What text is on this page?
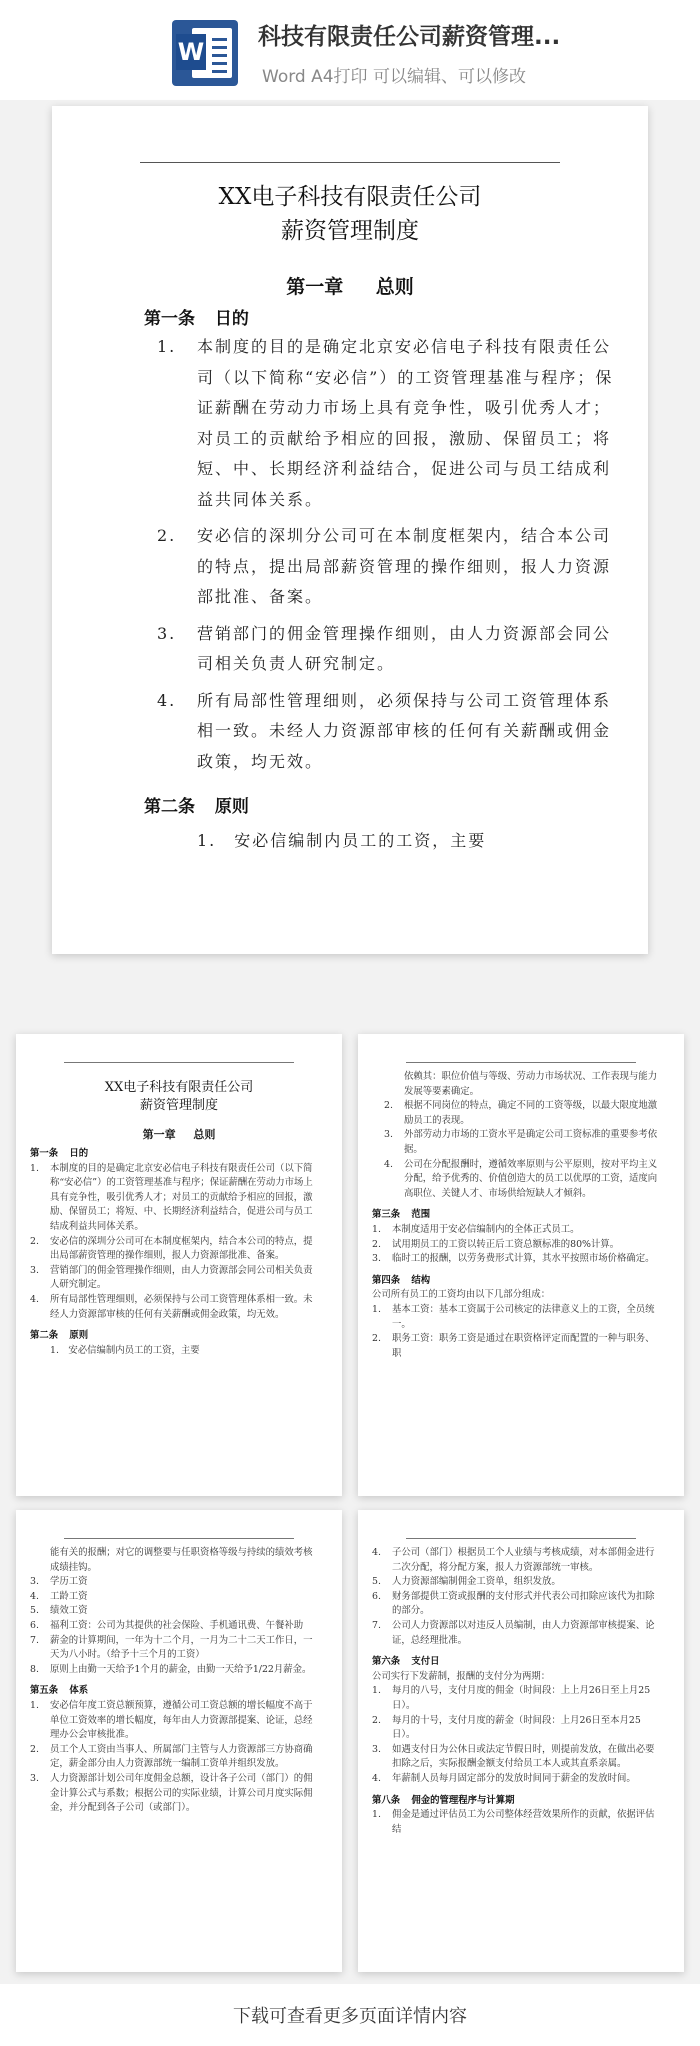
W
科技有限责任公司薪资管理...
Word A4打印 可以编辑、可以修改
XX电子科技有限责任公司
薪资管理制度
第一章 总则
第一条 日的
1. 本制度的目的是确定北京安必信电子科技有限责任公司（以下简称“安必信”）的工资管理基准与程序；保证薪酬在劳动力市场上具有竞争性，吸引优秀人才；对员工的贡献给予相应的回报，激励、保留员工；将短、中、长期经济利益结合，促进公司与员工结成利益共同体关系。
2. 安必信的深圳分公司可在本制度框架内，结合本公司的特点，提出局部薪资管理的操作细则，报人力资源部批准、备案。
3. 营销部门的佣金管理操作细则，由人力资源部会同公司相关负责人研究制定。
4. 所有局部性管理细则，必须保持与公司工资管理体系相一致。未经人力资源部审核的任何有关薪酬或佣金政策，均无效。
第二条 原则
1.　安必信编制内员工的工资，主要
XX电子科技有限责任公司
薪资管理制度
第一章 总则
第一条 日的
1. 本制度的目的是确定北京安必信电子科技有限责任公司（以下简称“安必信”）的工资管理基准与程序；保证薪酬在劳动力市场上具有竞争性，吸引优秀人才；对员工的贡献给予相应的回报，激励、保留员工；将短、中、长期经济利益结合，促进公司与员工结成利益共同体关系。
2. 安必信的深圳分公司可在本制度框架内，结合本公司的特点，提出局部薪资管理的操作细则，报人力资源部批准、备案。
3. 营销部门的佣金管理操作细则，由人力资源部会同公司相关负责人研究制定。
4. 所有局部性管理细则，必须保持与公司工资管理体系相一致。未经人力资源部审核的任何有关薪酬或佣金政策，均无效。
第二条 原则
1.　安必信编制内员工的工资，主要
依赖其：职位价值与等级、劳动力市场状况、工作表现与能力发展等要素确定。
2. 根据不同岗位的特点，确定不同的工资等级，以最大限度地激励员工的表现。
3. 外部劳动力市场的工资水平是确定公司工资标准的重要参考依据。
4. 公司在分配报酬时，遵循效率原则与公平原则，按对平均主义分配，给予优秀的、价值创造大的员工以优厚的工资，适度向高职位、关键人才、市场供给短缺人才倾斜。
第三条 范围
1. 本制度适用于安必信编制内的全体正式员工。
2. 试用期员工的工资以转正后工资总额标准的80%计算。
3. 临时工的报酬，以劳务费形式计算，其水平按照市场价格确定。
第四条 结构
公司所有员工的工资均由以下几部分组成：
1. 基本工资：基本工资属于公司核定的法律意义上的工资，全员统一。
2. 职务工资：职务工资是通过在职资格评定而配置的一种与职务、职
能有关的报酬；对它的调整要与任职资格等级与持续的绩效考核成绩挂钩。
3. 学历工资
4. 工龄工资
5. 绩效工资
6. 福利工资：公司为其提供的社会保险、手机通讯费、午餐补助
7. 薪金的计算期间，一年为十二个月，一月为二十二天工作日，一天为八小时。（给予十三个月的工资）
8. 原则上由勤一天给予1个月的薪金，由勤一天给予1/22月薪金。
第五条 体系
1. 安必信年度工资总额预算，遵循公司工资总额的增长幅度不高于单位工资效率的增长幅度，每年由人力资源部提案、论证，总经理办公会审核批准。
2. 员工个人工资由当事人、所属部门主管与人力资源部三方协商确定，薪金部分由人力资源部统一编制工资单并组织发放。
3. 人力资源部计划公司年度佣金总额，设计各子公司（部门）的佣金计算公式与系数；根据公司的实际业绩，计算公司月度实际佣金，并分配到各子公司（或部门）。
4. 子公司（部门）根据员工个人业绩与考核成绩，对本部佣金进行二次分配，将分配方案，报人力资源部统一审核。
5. 人力资源部编制佣金工资单，组织发放。
6. 财务部提供工资或报酬的支付形式并代表公司扣除应该代为扣除的部分。
7. 公司人力资源部以对违反人员编制，由人力资源部审核提案、论证，总经理批准。
第六条 支付日
公司实行下发薪制，报酬的支付分为两期：
1. 每月的八号，支付月度的佣金（时间段：上上月26日至上月25日）。
2. 每月的十号，支付月度的薪金（时间段：上月26日至本月25日）。
3. 如遇支付日为公休日或法定节假日时，则提前发放，在做出必要扣除之后，实际报酬金额支付给员工本人或其直系亲属。
4. 年薪制人员每月固定部分的发放时间同于薪金的发放时间。
第八条 佣金的管理程序与计算期
1. 佣金是通过评估员工为公司整体经营效果所作的贡献，依据评估结
下载可查看更多页面详情内容
